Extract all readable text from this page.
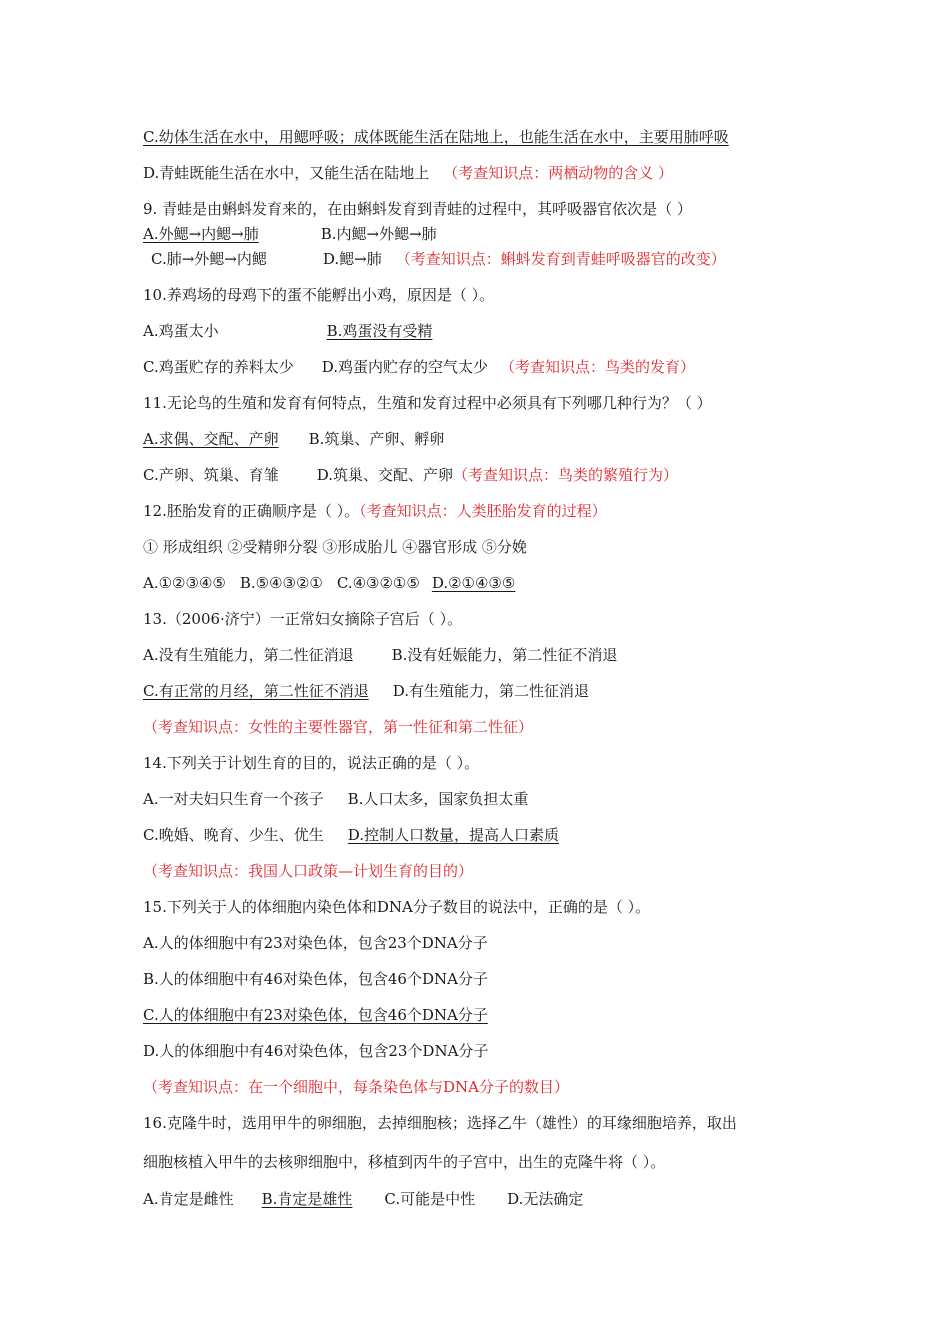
C.幼体生活在水中，用鳃呼吸；成体既能生活在陆地上，也能生活在水中，主要用肺呼吸
D.青蛙既能生活在水中，又能生活在陆地上 （考查知识点：两栖动物的含义 ）
9. 青蛙是由蝌蚪发育来的，在由蝌蚪发育到青蛙的过程中，其呼吸器官依次是（ ）
A.外鳃→内鳃→肺	B.内鳃→外鳃→肺
C.肺→外鳃→内鳃	D.鳃→肺 （考查知识点：蝌蚪发育到青蛙呼吸器官的改变）
10.养鸡场的母鸡下的蛋不能孵出小鸡，原因是（ ）。
A.鸡蛋太小	B.鸡蛋没有受精
C.鸡蛋贮存的养料太少 D.鸡蛋内贮存的空气太少 （考查知识点：鸟类的发育）
11.无论鸟的生殖和发育有何特点，生殖和发育过程中必须具有下列哪几种行为？（ ）
A.求偶、交配、产卵 B.筑巢、产卵、孵卵
C.产卵、筑巢、育雏	D.筑巢、交配、产卵（考查知识点：鸟类的繁殖行为）
12.胚胎发育的正确顺序是（ ）。（考查知识点：人类胚胎发育的过程）
① 形成组织 ②受精卵分裂 ③形成胎儿 ④器官形成 ⑤分娩
A.①②③④⑤ B.⑤④③②① C.④③②①⑤ D.②①④③⑤
13.（2006·济宁）一正常妇女摘除子宫后（ ）。
A.没有生殖能力，第二性征消退	B.没有妊娠能力，第二性征不消退
C.有正常的月经，第二性征不消退 D.有生殖能力，第二性征消退
（考查知识点：女性的主要性器官，第一性征和第二性征）
14.下列关于计划生育的目的，说法正确的是（ ）。
A.一对夫妇只生育一个孩子 B.人口太多，国家负担太重
C.晚婚、晚育、少生、优生 D.控制人口数量，提高人口素质
（考查知识点：我国人口政策—计划生育的目的）
15.下列关于人的体细胞内染色体和DNA分子数目的说法中，正确的是（ ）。
A.人的体细胞中有23对染色体，包含23个DNA分子
B.人的体细胞中有46对染色体，包含46个DNA分子
C.人的体细胞中有23对染色体，包含46个DNA分子
D.人的体细胞中有46对染色体，包含23个DNA分子
（考查知识点：在一个细胞中，每条染色体与DNA分子的数目）
16.克隆牛时，选用甲牛的卵细胞，去掉细胞核；选择乙牛（雄性）的耳缘细胞培养，取出
细胞核植入甲牛的去核卵细胞中，移植到丙牛的子宫中，出生的克隆牛将（ ）。
A.肯定是雌性 B.肯定是雄性 C.可能是中性 D.无法确定
